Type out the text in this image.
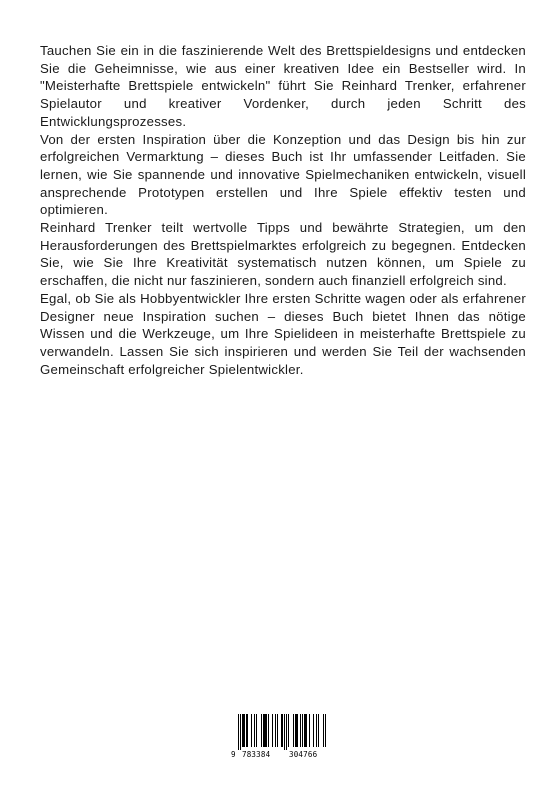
Tauchen Sie ein in die faszinierende Welt des Brettspieldesigns und entdecken Sie die Geheimnisse, wie aus einer kreativen Idee ein Bestseller wird. In "Meisterhafte Brettspiele entwickeln" führt Sie Reinhard Trenker, erfahrener Spielautor und kreativer Vordenker, durch jeden Schritt des Entwicklungsprozesses.

Von der ersten Inspiration über die Konzeption und das Design bis hin zur erfolgreichen Vermarktung – dieses Buch ist Ihr umfassender Leitfaden. Sie lernen, wie Sie spannende und innovative Spielmechaniken entwickeln, visuell ansprechende Prototypen erstellen und Ihre Spiele effektiv testen und optimieren.

Reinhard Trenker teilt wertvolle Tipps und bewährte Strategien, um den Herausforderungen des Brettspielmarktes erfolgreich zu begegnen. Entdecken Sie, wie Sie Ihre Kreativität systematisch nutzen können, um Spiele zu erschaffen, die nicht nur faszinieren, sondern auch finanziell erfolgreich sind.

Egal, ob Sie als Hobbyentwickler Ihre ersten Schritte wagen oder als erfahrener Designer neue Inspiration suchen – dieses Buch bietet Ihnen das nötige Wissen und die Werkzeuge, um Ihre Spielideen in meisterhafte Brettspiele zu verwandeln. Lassen Sie sich inspirieren und werden Sie Teil der wachsenden Gemeinschaft erfolgreicher Spielentwickler.

9 783384 304766
